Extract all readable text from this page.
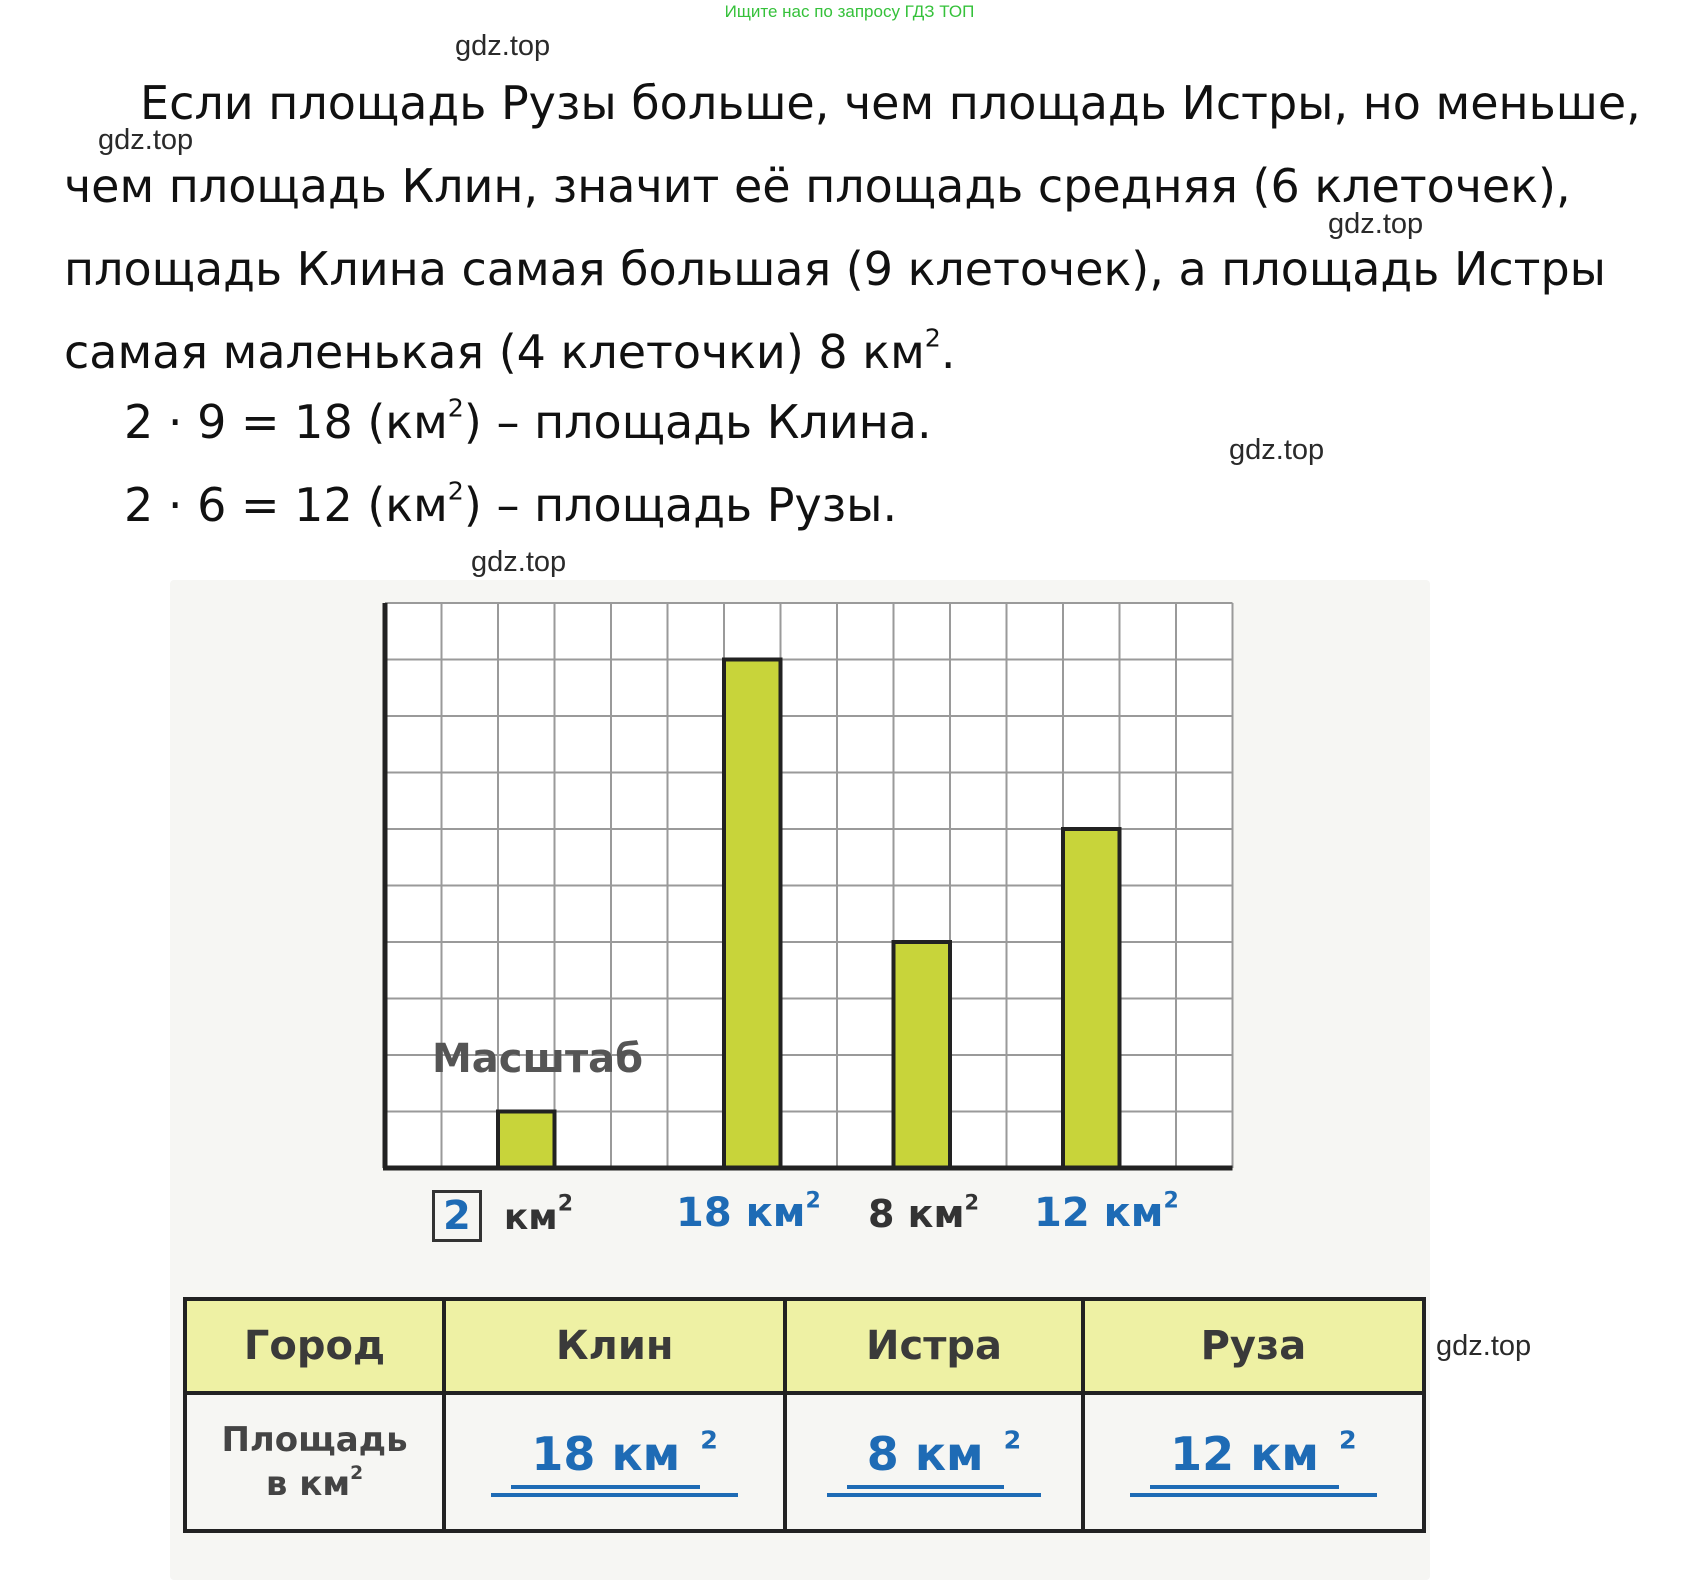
Ищите нас по запросу ГДЗ ТОП
gdz.top
gdz.top
gdz.top
gdz.top
gdz.top
gdz.top
Если площадь Рузы больше, чем площадь Истры, но меньше,
чем площадь Клин, значит её площадь средняя (6 клеточек),
площадь Клина самая большая (9 клеточек), а площадь Истры
самая маленькая (4 клеточки) 8 $км^2$.
2 · 9 = 18 $(км^2)$ – площадь Клина.
2 · 6 = 12 $(км^2)$ – площадь Рузы.
Масштаб
2 $км^2$	18 $км^2$ 8 $км^2$ 12 $км^2$
Город	Клин	Истра	Руза

Площадь
в $км^2$	18 км $^2$	8 км $^2$	12 км $^2$
